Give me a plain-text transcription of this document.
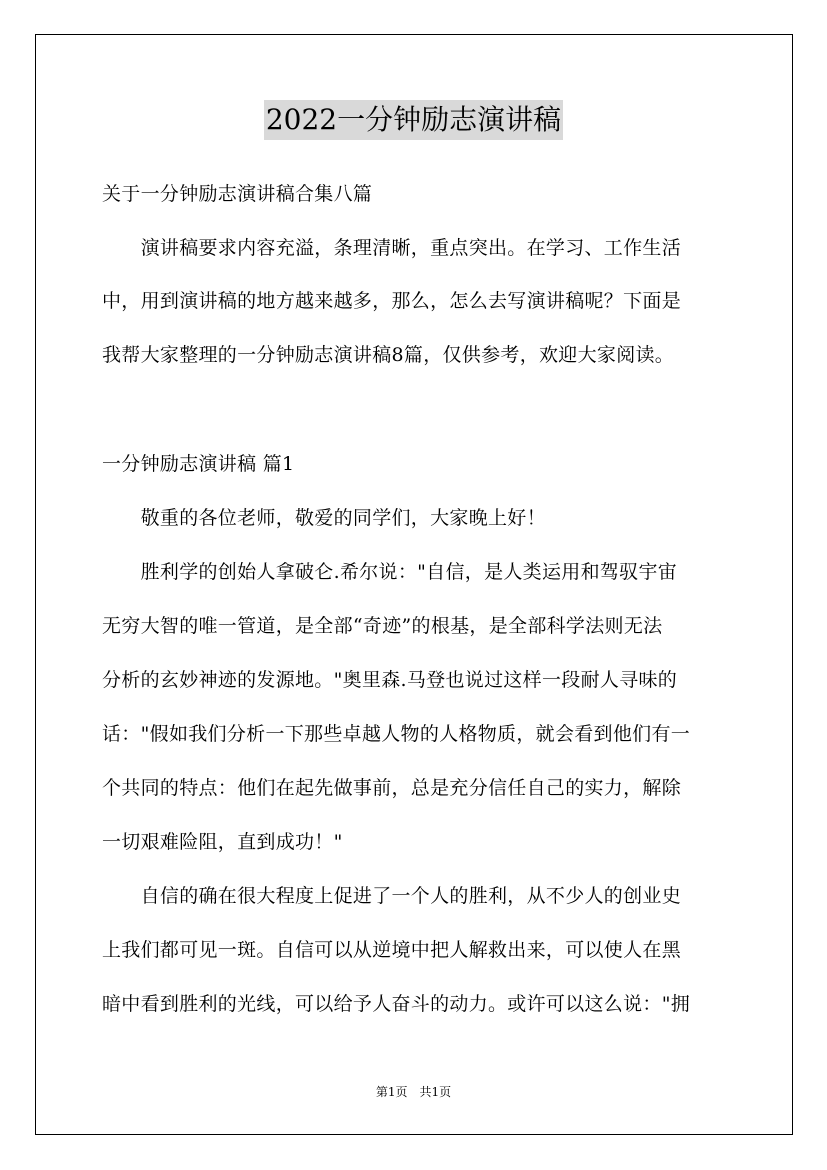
2022一分钟励志演讲稿
关于一分钟励志演讲稿合集八篇
　　演讲稿要求内容充溢，条理清晰，重点突出。在学习、工作生活
中，用到演讲稿的地方越来越多，那么，怎么去写演讲稿呢？下面是
我帮大家整理的一分钟励志演讲稿8篇，仅供参考，欢迎大家阅读。
一分钟励志演讲稿 篇1
　　敬重的各位老师，敬爱的同学们，大家晚上好！
　　胜利学的创始人拿破仑.希尔说："自信，是人类运用和驾驭宇宙
无穷大智的唯一管道，是全部“奇迹”的根基，是全部科学法则无法
分析的玄妙神迹的发源地。"奥里森.马登也说过这样一段耐人寻味的
话："假如我们分析一下那些卓越人物的人格物质，就会看到他们有一
个共同的特点：他们在起先做事前，总是充分信任自己的实力，解除
一切艰难险阻，直到成功！"
　　自信的确在很大程度上促进了一个人的胜利，从不少人的创业史
上我们都可见一斑。自信可以从逆境中把人解救出来，可以使人在黑
暗中看到胜利的光线，可以给予人奋斗的动力。或许可以这么说："拥
第1页　共1页
